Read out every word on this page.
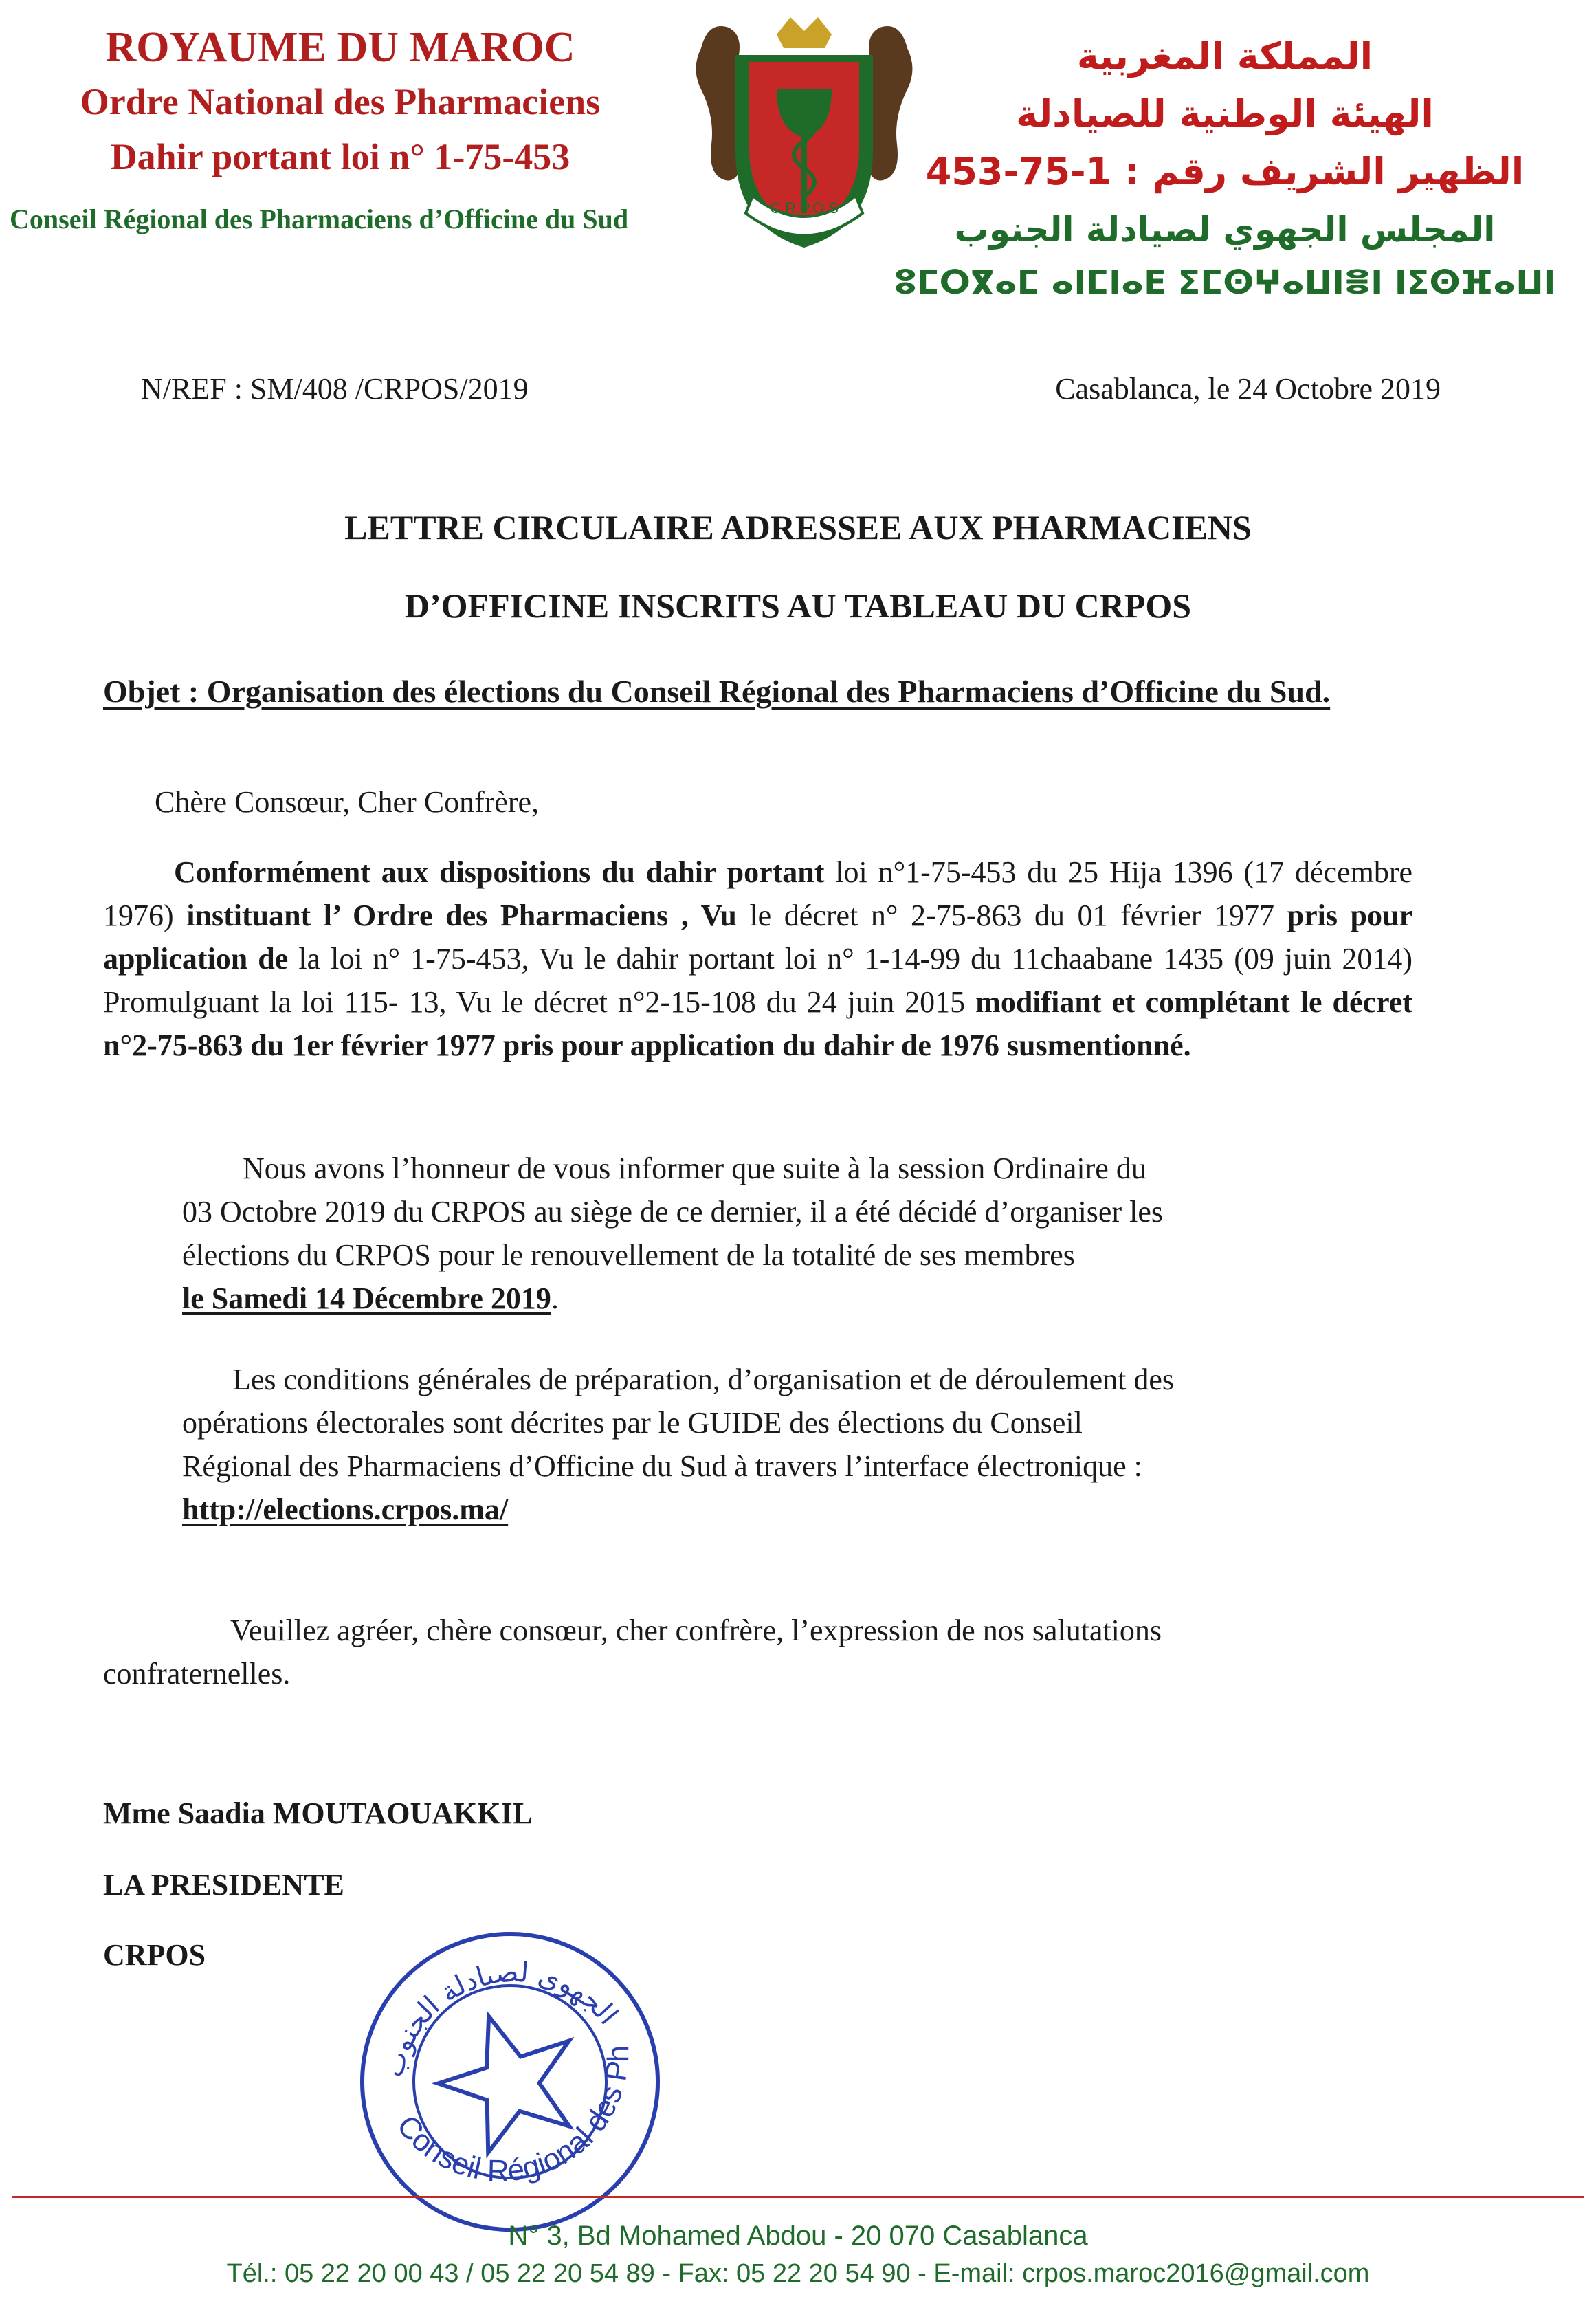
ROYAUME DU MAROC
Ordre National des Pharmaciens
Dahir portant loi n° 1-75-453
Conseil Régional des Pharmaciens d’Officine du Sud	C.R.P.O.S
المملكة المغربية
الهيئة الوطنية للصيادلة
الظهير الشريف رقم : 1-75-453
المجلس الجهوي لصيادلة الجنوب
ⵓⵎⵔⴳⴰⵎ ⴰⵏⵎⵏⴰⴹ ⵉⵎⵙⵖⴰⵡⵏⴻⵏ ⵏⵉⵙⴼⴰⵡⵏ
N/REF : SM/408 /CRPOS/2019	Casablanca, le 24 Octobre 2019
LETTRE CIRCULAIRE ADRESSEE AUX PHARMACIENS
D’OFFICINE INSCRITS AU TABLEAU DU CRPOS
Objet : Organisation des élections du Conseil Régional des Pharmaciens d’Officine du Sud.
Chère Consœur, Cher Confrère,
Conformément aux dispositions du dahir portant loi n°1-75-453 du 25 Hija 1396 (17 décembre 1976) instituant l’ Ordre des Pharmaciens , Vu le décret n° 2-75-863 du 01 février 1977 pris pour application de la loi n° 1-75-453, Vu le dahir portant loi n° 1-14-99 du 11chaabane 1435 (09 juin 2014) Promulguant la loi 115- 13, Vu le décret n°2-15-108 du 24 juin 2015 modifiant et complétant le décret n°2-75-863 du 1er février 1977 pris pour application du dahir de 1976 susmentionné.
Nous avons l’honneur de vous informer que suite à la session Ordinaire du
03 Octobre 2019 du CRPOS au siège de ce dernier, il a été décidé d’organiser les
élections du CRPOS pour le renouvellement de la totalité de ses membres
le Samedi 14 Décembre 2019.
Les conditions générales de préparation, d’organisation et de déroulement des
opérations électorales sont décrites par le GUIDE des élections du Conseil
Régional des Pharmaciens d’Officine du Sud à travers l’interface électronique :
http://elections.crpos.ma/
Veuillez agréer, chère consœur, cher confrère, l’expression de nos salutations
confraternelles.
Mme Saadia MOUTAOUAKKIL
LA PRESIDENTE
CRPOS
Conseil Régional des Pharmaciens	الجهوي لصيادلة الجنوب
N° 3, Bd Mohamed Abdou - 20 070 Casablanca
Tél.: 05 22 20 00 43 / 05 22 20 54 89 - Fax: 05 22 20 54 90 - E-mail: crpos.maroc2016@gmail.com
